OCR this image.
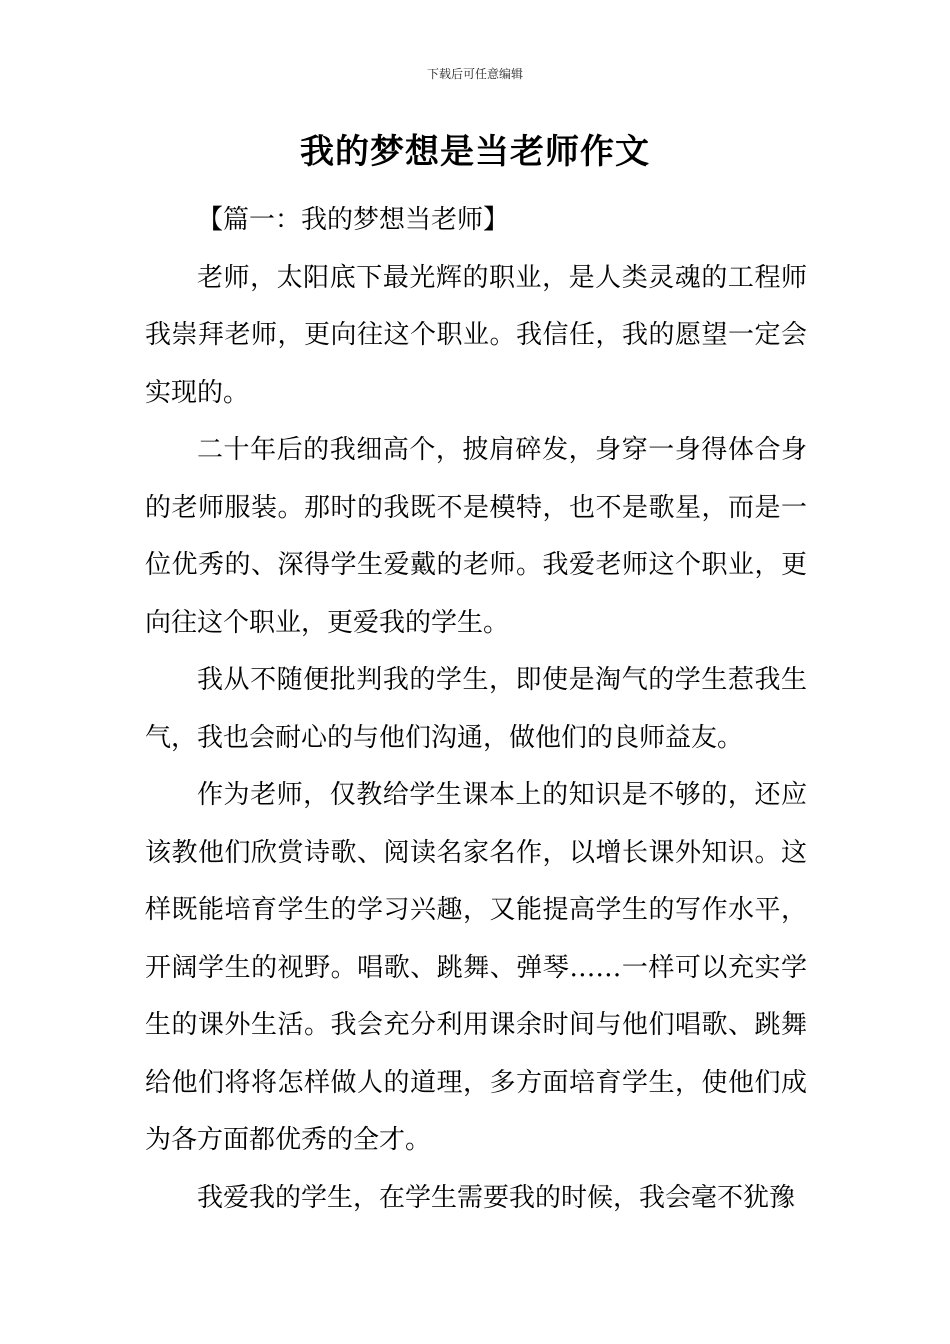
下载后可任意编辑
我的梦想是当老师作文

【篇一：我的梦想当老师】

老师，太阳底下最光辉的职业，是人类灵魂的工程师我崇拜老师，更向往这个职业。我信任，我的愿望一定会实现的。

二十年后的我细高个，披肩碎发，身穿一身得体合身的老师服装。那时的我既不是模特，也不是歌星，而是一位优秀的、深得学生爱戴的老师。我爱老师这个职业，更向往这个职业，更爱我的学生。

我从不随便批判我的学生，即使是淘气的学生惹我生气，我也会耐心的与他们沟通，做他们的良师益友。

作为老师，仅教给学生课本上的知识是不够的，还应该教他们欣赏诗歌、阅读名家名作，以增长课外知识。这样既能培育学生的学习兴趣，又能提高学生的写作水平，开阔学生的视野。唱歌、跳舞、弹琴……一样可以充实学生的课外生活。我会充分利用课余时间与他们唱歌、跳舞给他们将将怎样做人的道理，多方面培育学生，使他们成为各方面都优秀的全才。

我爱我的学生，在学生需要我的时候，我会毫不犹豫
